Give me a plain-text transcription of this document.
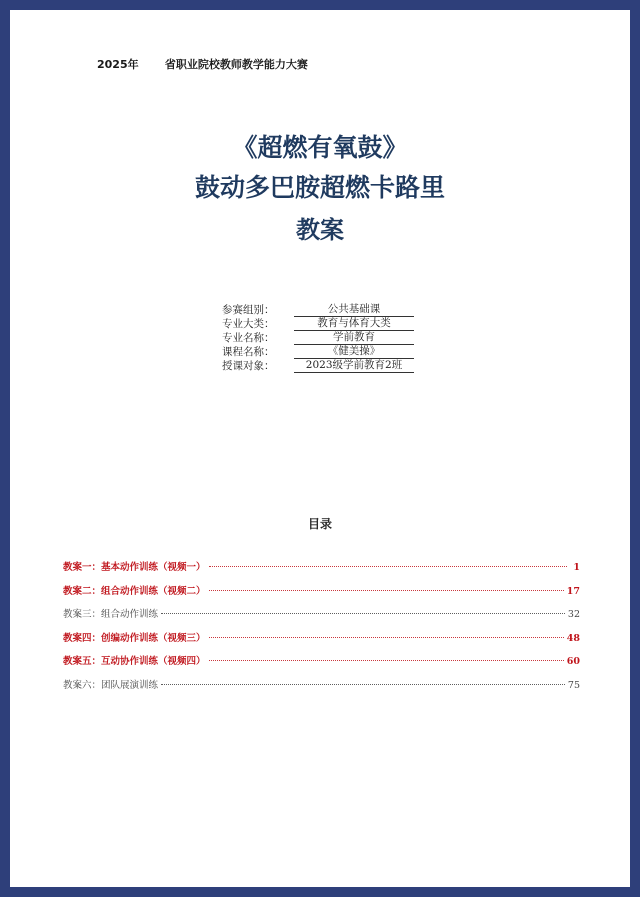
2025年 省职业院校教师教学能力大赛
《超燃有氧鼓》
鼓动多巴胺超燃卡路里
教案
参赛组别：	公共基础课
专业大类：	教育与体育大类
专业名称：	学前教育
课程名称：	《健美操》
授课对象：	2023级学前教育2班
目录
教案一：基本动作训练（视频一）	1
教案二：组合动作训练（视频二）	17
教案三：组合动作训练	32
教案四：创编动作训练（视频三）	48
教案五：互动协作训练（视频四）	60
教案六：团队展演训练	75
